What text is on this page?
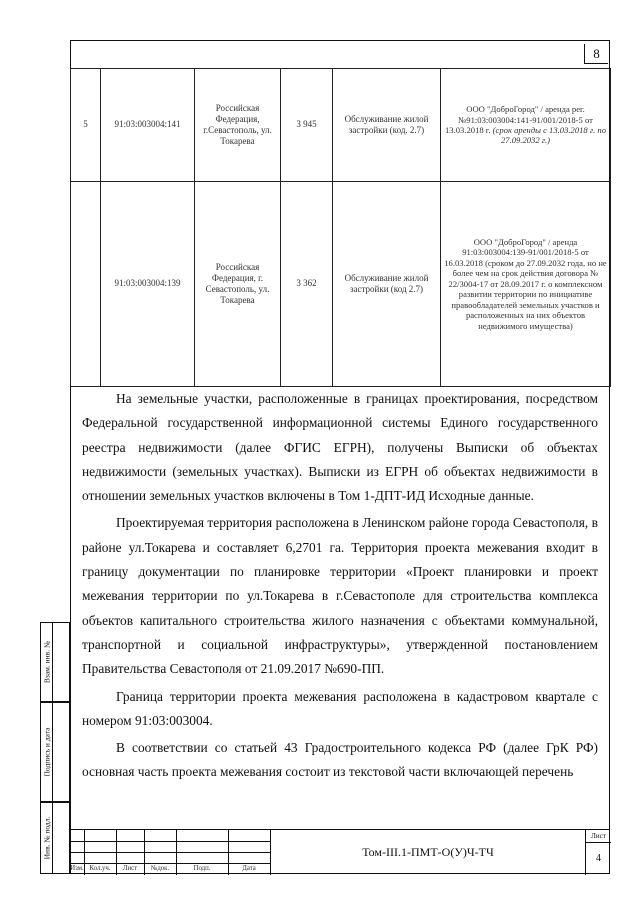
8
5	91:03:003004:141	Российская Федерация, г.Севастополь, ул. Токарева	3 945	Обслуживание жилой застройки (код. 2.7)	ООО "ДоброГород" / аренда рег.№91:03:003004:141-91/001/2018-5 от 13.03.2018 г. (срок аренды с 13.03.2018 г. по 27.09.2032 г.)
	91:03:003004:139	Российская Федерация, г. Севастополь, ул. Токарева	3 362	Обслуживание жилой застройки (код 2.7)	ООО "ДоброГород" / аренда 91:03:003004:139-91/001/2018-5 от 16.03.2018 (сроком до 27.09.2032 года, но не более чем на срок действия договора № 22/3004-17 от 28.09.2017 г. о комплексном развитии территории по инициативе правообладателей земельных участков и расположенных на них объектов недвижимого имущества)

На земельные участки, расположенные в границах проектирования, посредством Федеральной государственной информационной системы Единого государственного реестра недвижимости (далее ФГИС ЕГРН), получены Выписки об объектах недвижимости (земельных участках). Выписки из ЕГРН об объектах недвижимости в отношении земельных участков включены в Том 1-ДПТ-ИД Исходные данные.

Проектируемая территория расположена в Ленинском районе города Севастополя, в районе ул.Токарева и составляет 6,2701 га. Территория проекта межевания входит в границу документации по планировке территории «Проект планировки и проект межевания территории по ул.Токарева в г.Севастополе для строительства комплекса объектов капитального строительства жилого назначения с объектами коммунальной, транспортной и социальной инфраструктуры», утвержденной постановлением Правительства Севастополя от 21.09.2017 №690-ПП.

Граница территории проекта межевания расположена в кадастровом квартале с номером 91:03:003004.

В соответствии со статьей 43 Градостроительного кодекса РФ (далее ГрК РФ) основная часть проекта межевания состоит из текстовой части включающей перечень

Взам. инв. №
Подпись и дата
Инв. № подл.
Изм. Кол.уч.	Лист	№док.	Подп.	Дата
Том-III.1-ПМТ-О(У)Ч-ТЧ
Лист
4
